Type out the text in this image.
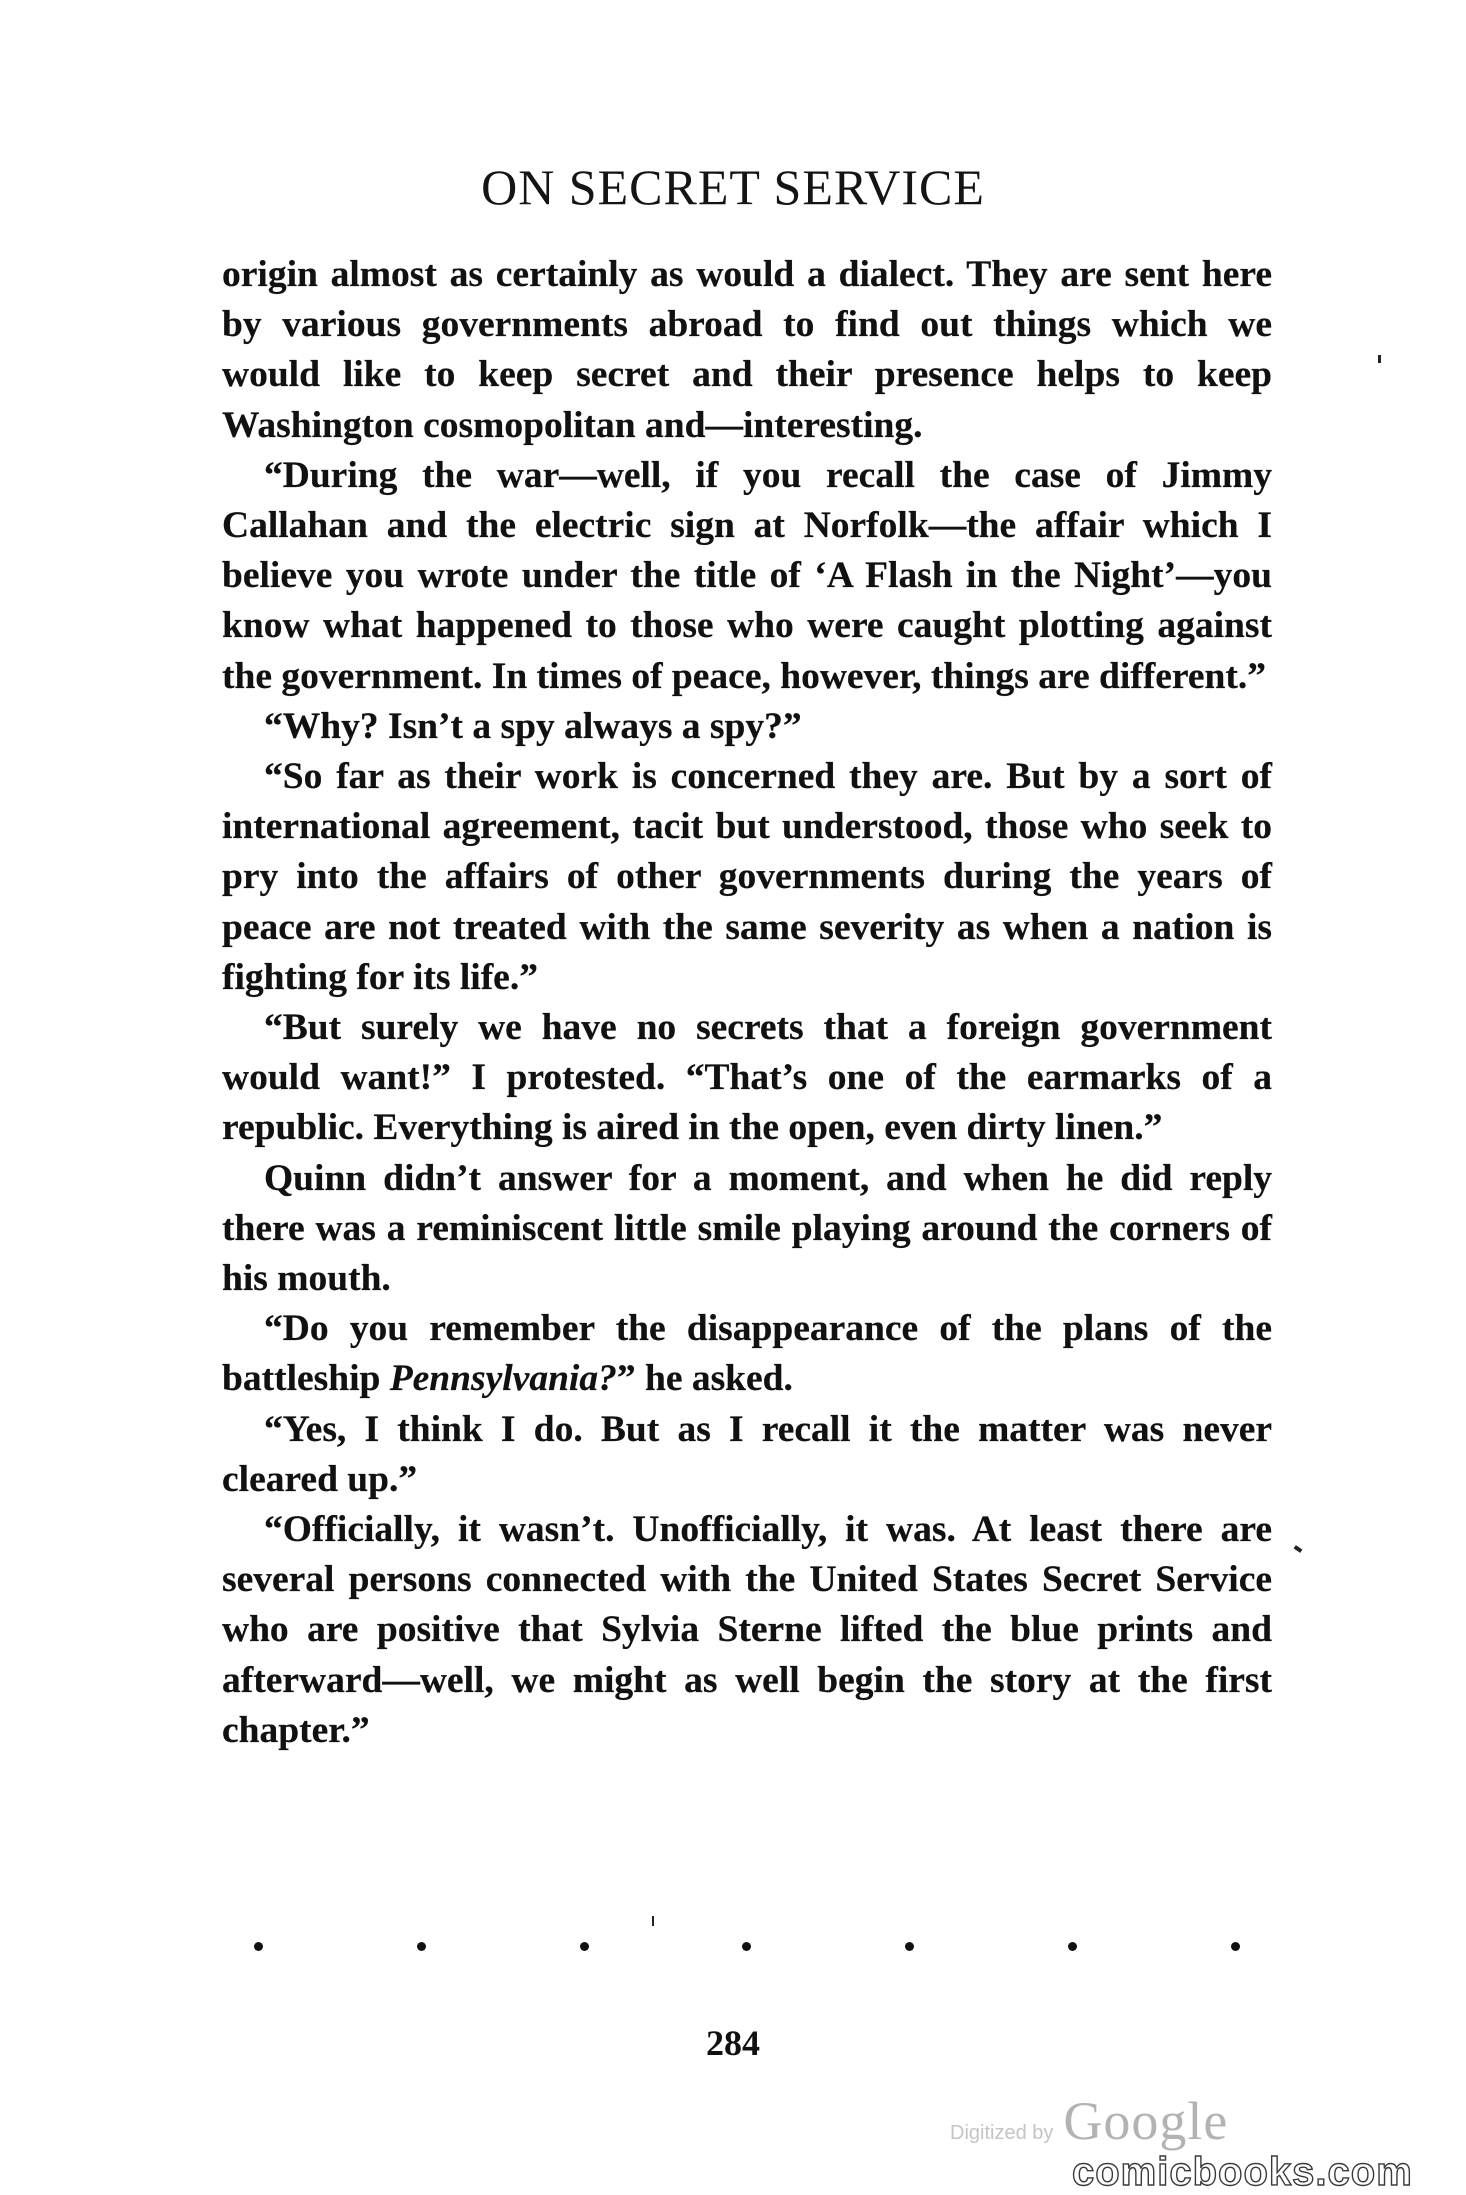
ON SECRET SERVICE

origin almost as certainly as would a dialect. They are sent here by various governments abroad to find out things which we would like to keep secret and their presence helps to keep Washington cosmopolitan and—interesting.

“During the war—well, if you recall the case of Jimmy Callahan and the electric sign at Norfolk—the affair which I believe you wrote under the title of ‘A Flash in the Night’—you know what happened to those who were caught plotting against the government. In times of peace, however, things are different.”

“Why? Isn’t a spy always a spy?”

“So far as their work is concerned they are. But by a sort of international agreement, tacit but understood, those who seek to pry into the affairs of other governments during the years of peace are not treated with the same severity as when a nation is fighting for its life.”

“But surely we have no secrets that a foreign government would want!” I protested. “That’s one of the earmarks of a republic. Everything is aired in the open, even dirty linen.”

Quinn didn’t answer for a moment, and when he did reply there was a reminiscent little smile playing around the corners of his mouth.

“Do you remember the disappearance of the plans of the battleship Pennsylvania?” he asked.

“Yes, I think I do. But as I recall it the matter was never cleared up.”

“Officially, it wasn’t. Unofficially, it was. At least there are several persons connected with the United States Secret Service who are positive that Sylvia Sterne lifted the blue prints and afterward—well, we might as well begin the story at the first chapter.”

284
Digitized by Google
comicbooks.com
